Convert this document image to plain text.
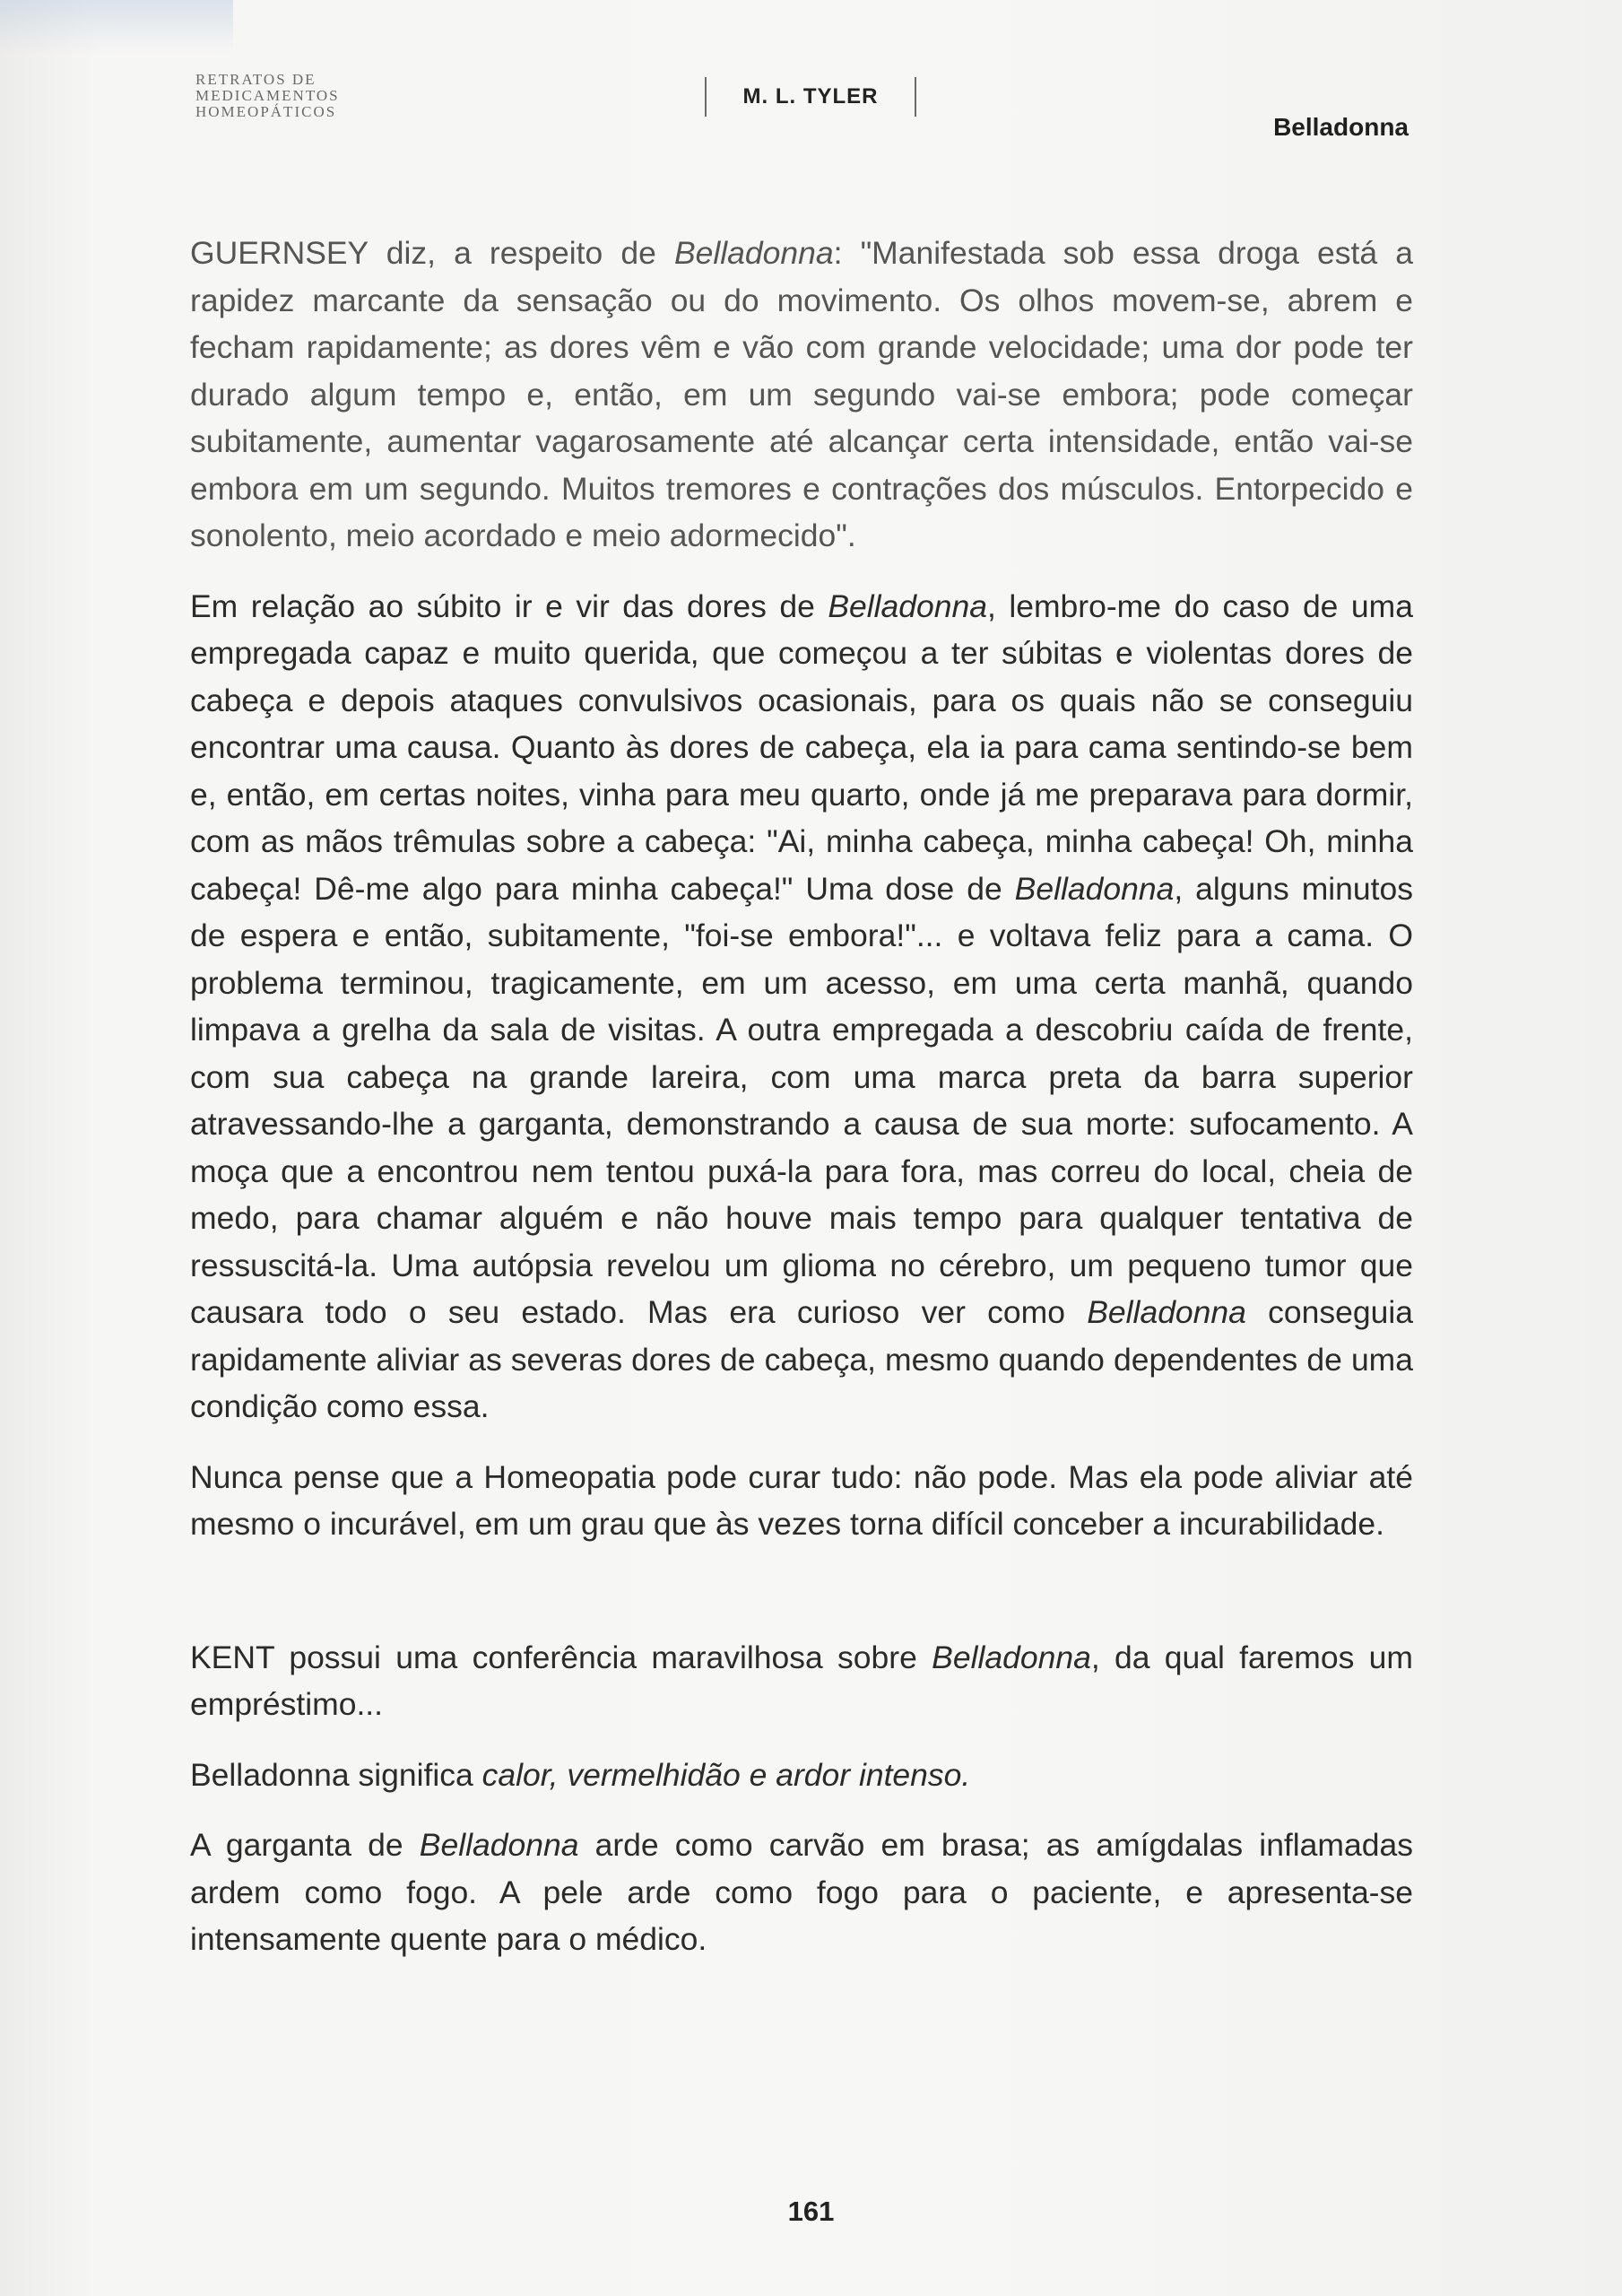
RETRATOS DE
MEDICAMENTOS
HOMEOPÁTICOS
M. L. TYLER
Belladonna

GUERNSEY diz, a respeito de Belladonna: "Manifestada sob essa droga está a rapidez marcante da sensação ou do movimento. Os olhos movem-se, abrem e fecham rapidamente; as dores vêm e vão com grande velocidade; uma dor pode ter durado algum tempo e, então, em um segundo vai-se embora; pode começar subitamente, aumentar vagarosamente até alcançar certa intensidade, então vai-se embora em um segundo. Muitos tremores e contrações dos músculos. Entorpecido e sonolento, meio acordado e meio adormecido".

Em relação ao súbito ir e vir das dores de Belladonna, lembro-me do caso de uma empregada capaz e muito querida, que começou a ter súbitas e violentas dores de cabeça e depois ataques convulsivos ocasionais, para os quais não se conseguiu encontrar uma causa. Quanto às dores de cabeça, ela ia para cama sentindo-se bem e, então, em certas noites, vinha para meu quarto, onde já me preparava para dormir, com as mãos trêmulas sobre a cabeça: "Ai, minha cabeça, minha cabeça! Oh, minha cabeça! Dê-me algo para minha cabeça!" Uma dose de Belladonna, alguns minutos de espera e então, subitamente, "foi-se embora!"... e voltava feliz para a cama. O problema terminou, tragicamente, em um acesso, em uma certa manhã, quando limpava a grelha da sala de visitas. A outra empregada a descobriu caída de frente, com sua cabeça na grande lareira, com uma marca preta da barra superior atravessando-lhe a garganta, demonstrando a causa de sua morte: sufocamento. A moça que a encontrou nem tentou puxá-la para fora, mas correu do local, cheia de medo, para chamar alguém e não houve mais tempo para qualquer tentativa de ressuscitá-la. Uma autópsia revelou um glioma no cérebro, um pequeno tumor que causara todo o seu estado. Mas era curioso ver como Belladonna conseguia rapidamente aliviar as severas dores de cabeça, mesmo quando dependentes de uma condição como essa.

Nunca pense que a Homeopatia pode curar tudo: não pode. Mas ela pode aliviar até mesmo o incurável, em um grau que às vezes torna difícil conceber a incurabilidade.

KENT possui uma conferência maravilhosa sobre Belladonna, da qual faremos um empréstimo...

Belladonna significa calor, vermelhidão e ardor intenso.

A garganta de Belladonna arde como carvão em brasa; as amígdalas inflamadas ardem como fogo. A pele arde como fogo para o paciente, e apresenta-se intensamente quente para o médico.

161
